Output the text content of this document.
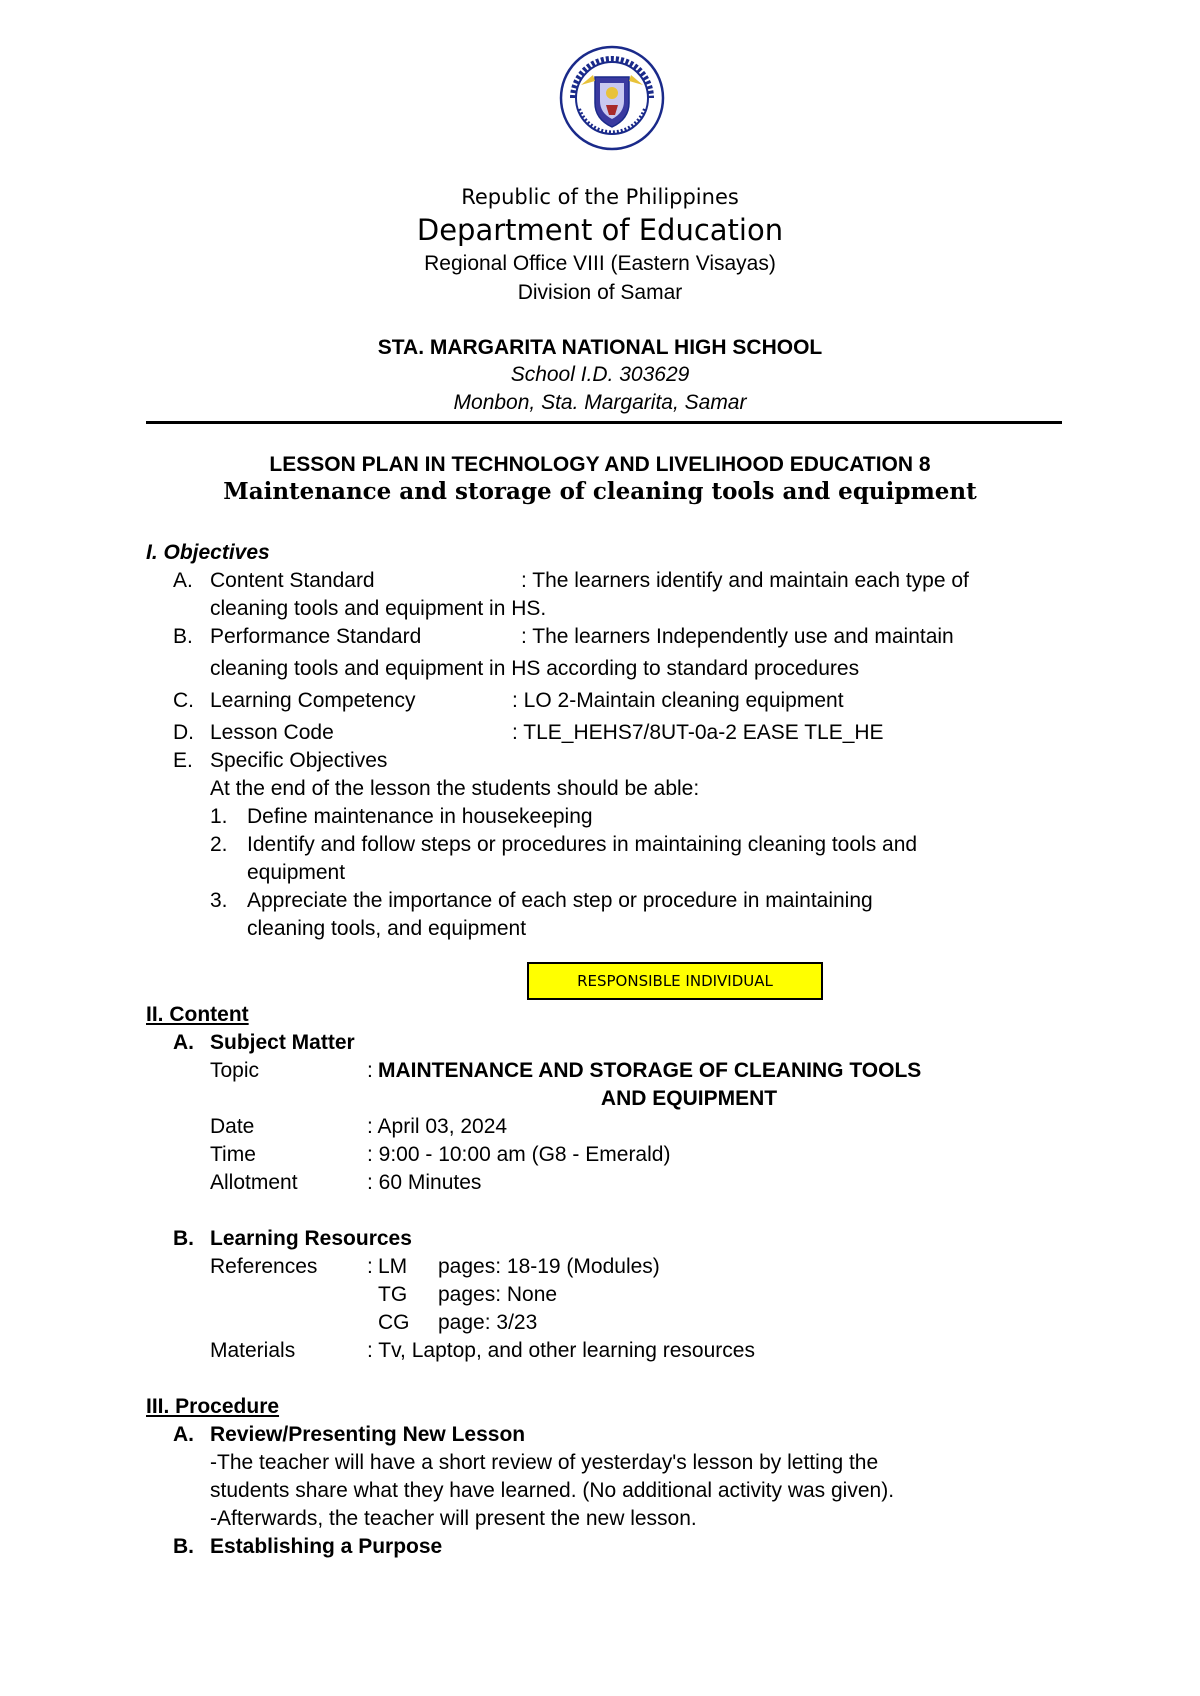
Republic of the Philippines
Department of Education
Regional Office VIII (Eastern Visayas)
Division of Samar
STA. MARGARITA NATIONAL HIGH SCHOOL
School I.D. 303629
Monbon, Sta. Margarita, Samar
LESSON PLAN IN TECHNOLOGY AND LIVELIHOOD EDUCATION 8
Maintenance and storage of cleaning tools and equipment
I. Objectives
A. Content Standard	: The learners identify and maintain each type of
cleaning tools and equipment in HS.
B. Performance Standard	: The learners Independently use and maintain
cleaning tools and equipment in HS according to standard procedures
C. Learning Competency	: LO 2-Maintain cleaning equipment
D. Lesson Code	: TLE_HEHS7/8UT-0a-2 EASE TLE_HE
E. Specific Objectives
At the end of the lesson the students should be able:
1. Define maintenance in housekeeping
2. Identify and follow steps or procedures in maintaining cleaning tools and
equipment
3. Appreciate the importance of each step or procedure in maintaining
cleaning tools, and equipment
RESPONSIBLE INDIVIDUAL
II. Content
A. Subject Matter
Topic	: MAINTENANCE AND STORAGE OF CLEANING TOOLS
AND EQUIPMENT
Date	: April 03, 2024
Time	: 9:00 - 10:00 am (G8 - Emerald)
Allotment	: 60 Minutes
B. Learning Resources
References : LM pages: 18-19 (Modules)
TG pages: None
CG page: 3/23
Materials	: Tv, Laptop, and other learning resources
III. Procedure
A. Review/Presenting New Lesson
-The teacher will have a short review of yesterday's lesson by letting the
students share what they have learned. (No additional activity was given).
-Afterwards, the teacher will present the new lesson.
B. Establishing a Purpose
